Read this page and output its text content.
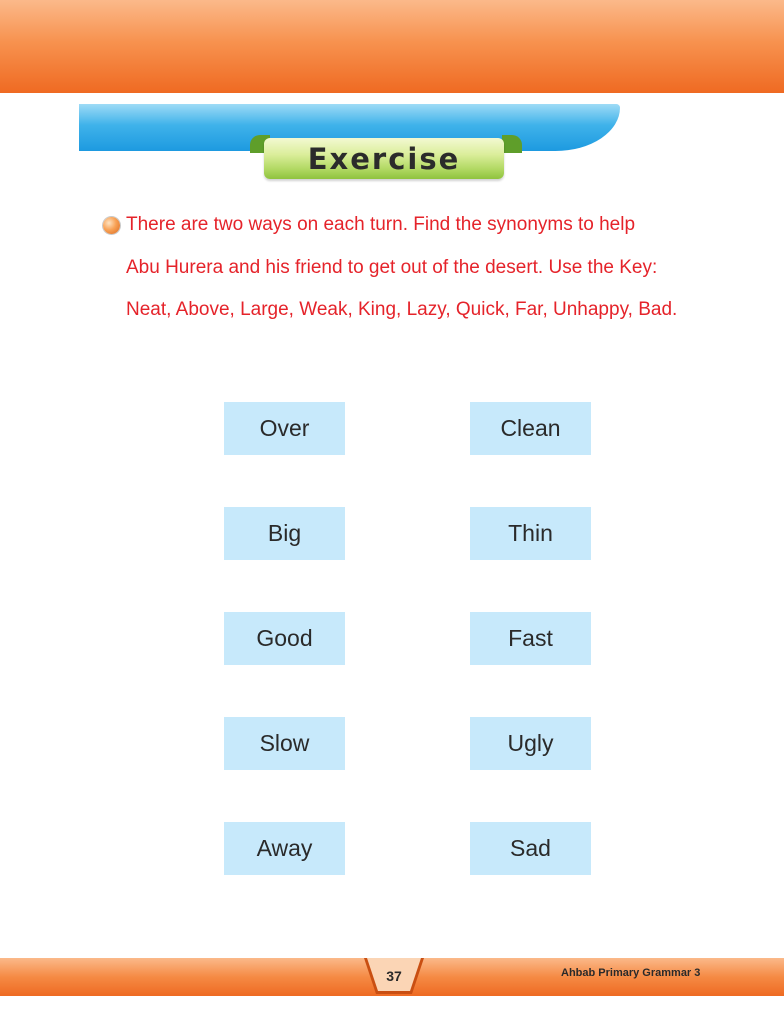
Exercise
There are two ways on each turn. Find the synonyms to help
Abu Hurera and his friend to get out of the desert. Use the Key:
Neat, Above, Large, Weak, King, Lazy, Quick, Far, Unhappy, Bad.
Over	Clean
Big	Thin
Good	Fast
Slow	Ugly
Away	Sad
37	Ahbab Primary Grammar 3
